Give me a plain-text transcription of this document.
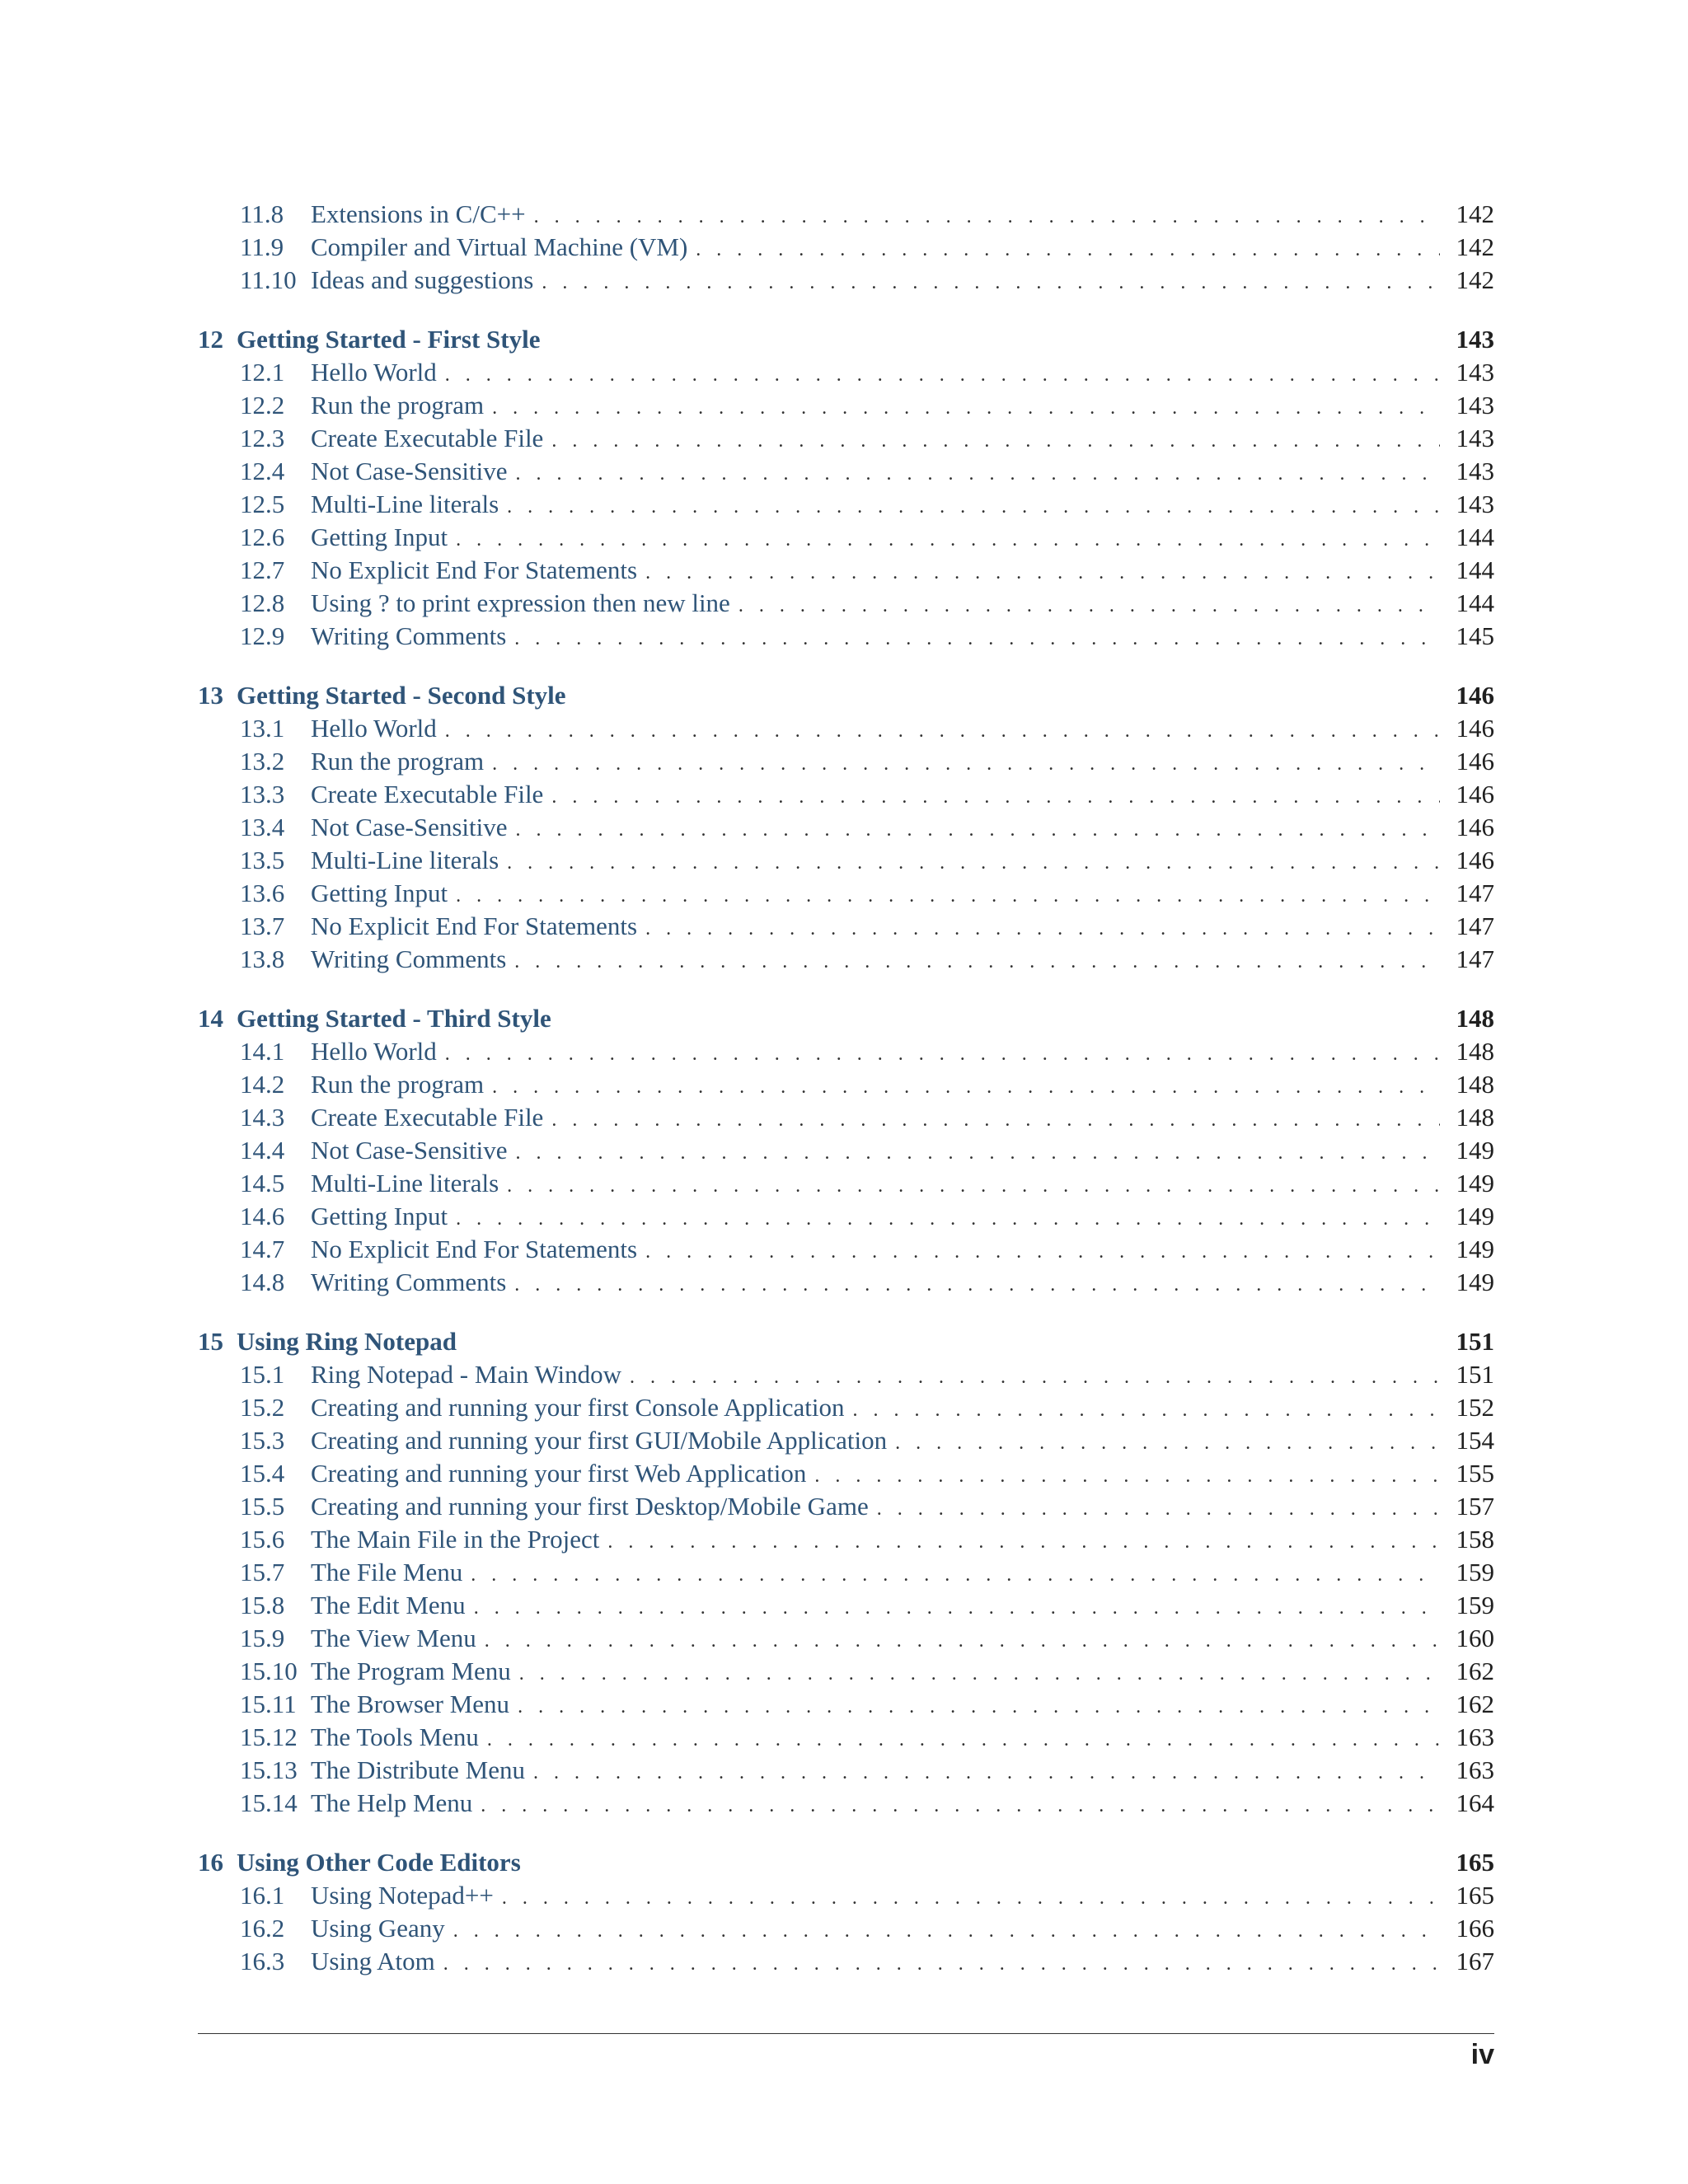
11.8	Extensions in C/C++ . . .	142
11.9	Compiler and Virtual Machine (VM) . . .	142
11.10 Ideas and suggestions . . .	142
12 Getting Started - First Style	143
12.1	Hello World . . .	143
12.2	Run the program . . .	143
12.3	Create Executable File . . .	143
12.4	Not Case-Sensitive . . .	143
12.5	Multi-Line literals . . .	143
12.6	Getting Input . . .	144
12.7	No Explicit End For Statements . . .	144
12.8	Using ? to print expression then new line . . .	144
12.9	Writing Comments . . .	145
13 Getting Started - Second Style	146
13.1	Hello World . . .	146
13.2	Run the program . . .	146
13.3	Create Executable File . . .	146
13.4	Not Case-Sensitive . . .	146
13.5	Multi-Line literals . . .	146
13.6	Getting Input . . .	147
13.7	No Explicit End For Statements . . .	147
13.8	Writing Comments . . .	147
14 Getting Started - Third Style	148
14.1	Hello World . . .	148
14.2	Run the program . . .	148
14.3	Create Executable File . . .	148
14.4	Not Case-Sensitive . . .	149
14.5	Multi-Line literals . . .	149
14.6	Getting Input . . .	149
14.7	No Explicit End For Statements . . .	149
14.8	Writing Comments . . .	149
15 Using Ring Notepad	151
15.1	Ring Notepad - Main Window . . .	151
15.2	Creating and running your first Console Application . . .	152
15.3	Creating and running your first GUI/Mobile Application . . .	154
15.4	Creating and running your first Web Application . . .	155
15.5	Creating and running your first Desktop/Mobile Game . . .	157
15.6	The Main File in the Project . . .	158
15.7	The File Menu . . .	159
15.8	The Edit Menu . . .	159
15.9	The View Menu . . .	160
15.10 The Program Menu . . .	162
15.11 The Browser Menu . . .	162
15.12 The Tools Menu . . .	163
15.13 The Distribute Menu . . .	163
15.14 The Help Menu . . .	164
16 Using Other Code Editors	165
16.1	Using Notepad++ . . .	165
16.2	Using Geany . . .	166
16.3	Using Atom . . .	167
iv
